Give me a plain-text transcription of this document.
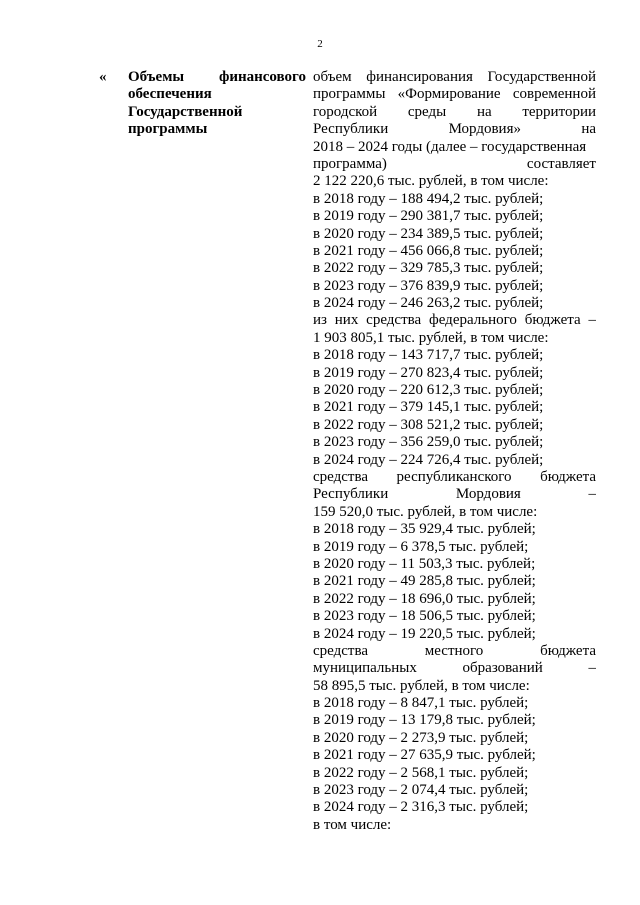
2
« Объемы финансового
обеспечения
Государственной
программы
объем финансирования Государственной
программы «Формирование современной
городской среды на территории
Республики Мордовия» на
2018 – 2024 годы (далее – государственная
программа) составляет
2 122 220,6 тыс. рублей, в том числе:
в 2018 году – 188 494,2 тыс. рублей;
в 2019 году – 290 381,7 тыс. рублей;
в 2020 году – 234 389,5 тыс. рублей;
в 2021 году – 456 066,8 тыс. рублей;
в 2022 году – 329 785,3 тыс. рублей;
в 2023 году – 376 839,9 тыс. рублей;
в 2024 году – 246 263,2 тыс. рублей;
из них средства федерального бюджета –
1 903 805,1 тыс. рублей, в том числе:
в 2018 году – 143 717,7 тыс. рублей;
в 2019 году – 270 823,4 тыс. рублей;
в 2020 году – 220 612,3 тыс. рублей;
в 2021 году – 379 145,1 тыс. рублей;
в 2022 году – 308 521,2 тыс. рублей;
в 2023 году – 356 259,0 тыс. рублей;
в 2024 году – 224 726,4 тыс. рублей;
средства республиканского бюджета
Республики Мордовия –
159 520,0 тыс. рублей, в том числе:
в 2018 году – 35 929,4 тыс. рублей;
в 2019 году – 6 378,5 тыс. рублей;
в 2020 году – 11 503,3 тыс. рублей;
в 2021 году – 49 285,8 тыс. рублей;
в 2022 году – 18 696,0 тыс. рублей;
в 2023 году – 18 506,5 тыс. рублей;
в 2024 году – 19 220,5 тыс. рублей;
средства местного бюджета
муниципальных образований –
58 895,5 тыс. рублей, в том числе:
в 2018 году – 8 847,1 тыс. рублей;
в 2019 году – 13 179,8 тыс. рублей;
в 2020 году – 2 273,9 тыс. рублей;
в 2021 году – 27 635,9 тыс. рублей;
в 2022 году – 2 568,1 тыс. рублей;
в 2023 году – 2 074,4 тыс. рублей;
в 2024 году – 2 316,3 тыс. рублей;
в том числе:
